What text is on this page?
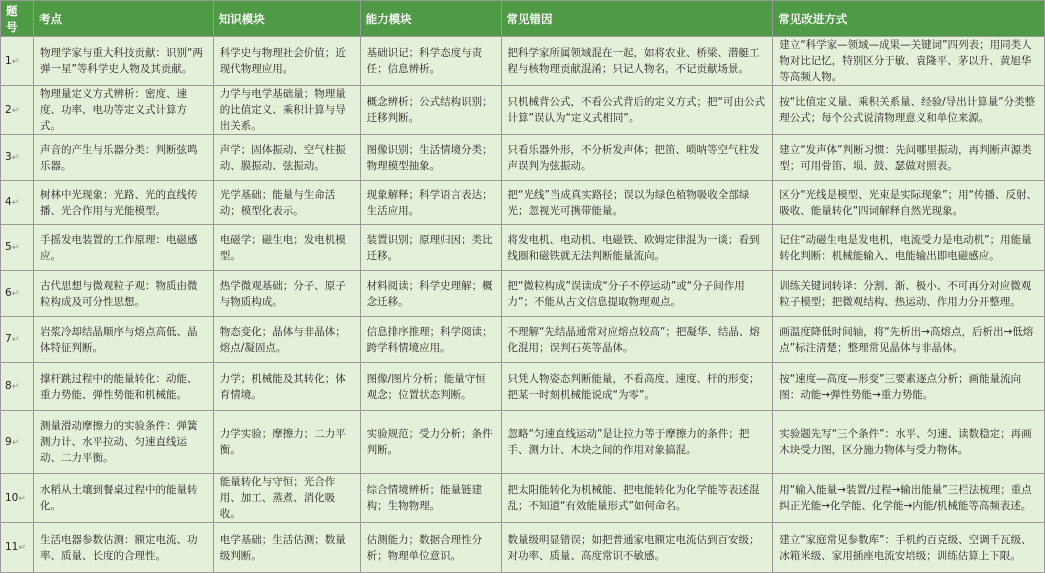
题号	考点	知识模块	能力模块	常见错因	常见改进方式
1↵	物理学家与重大科技贡献：识别“两弹一星”等科学史人物及其贡献。	科学史与物理社会价值；近现代物理应用。	基础识记；科学态度与责任；信息辨析。	把科学家所属领域混在一起，如将农业、桥梁、潜艇工程与核物理贡献混淆；只记人物名，不记贡献场景。	建立“科学家—领域—成果—关键词”四列表；用同类人物对比记忆，特别区分于敏、袁隆平、茅以升、黄旭华等高频人物。
2↵	物理量定义方式辨析：密度、速度、功率、电功等定义式计算方式。	力学与电学基础量；物理量的比值定义、乘积计算与导出关系。	概念辨析；公式结构识别；迁移判断。	只机械背公式，不看公式背后的定义方式；把“可由公式计算”误认为“定义式相同”。	按“比值定义量、乘积关系量、经验/导出计算量”分类整理公式；每个公式说清物理意义和单位来源。
3↵	声音的产生与乐器分类：判断弦鸣乐器。	声学；固体振动、空气柱振动、膜振动、弦振动。	图像识别；生活情境分类；物理模型抽象。	只看乐器外形，不分析发声体；把笛、唢呐等空气柱发声误判为弦振动。	建立“发声体”判断习惯：先问哪里振动，再判断声源类型；可用骨笛、埙、鼓、瑟做对照表。
4↵	树林中光现象：光路、光的直线传播、光合作用与光能模型。	光学基础；能量与生命活动；模型化表示。	现象解释；科学语言表达；生活应用。	把“光线”当成真实路径；误以为绿色植物吸收全部绿光；忽视光可携带能量。	区分“光线是模型、光束是实际现象”；用“传播、反射、吸收、能量转化”四词解释自然光现象。
5↵	手摇发电装置的工作原理：电磁感应。	电磁学；磁生电；发电机模型。	装置识别；原理归因；类比迁移。	将发电机、电动机、电磁铁、欧姆定律混为一谈；看到线圈和磁铁就无法判断能量流向。	记住“动磁生电是发电机，电流受力是电动机”；用能量转化判断：机械能输入、电能输出即电磁感应。
6↵	古代思想与微观粒子观：物质由微粒构成及可分性思想。	热学微观基础；分子、原子与物质构成。	材料阅读；科学史理解；概念迁移。	把“微粒构成”误读成“分子不停运动”或“分子间作用力”；不能从古文信息提取物理观点。	训练关键词转译：分割、渐、极小、不可再分对应微观粒子模型；把微观结构、热运动、作用力分开整理。
7↵	岩浆冷却结晶顺序与熔点高低、晶体特征判断。	物态变化；晶体与非晶体；熔点/凝固点。	信息排序推理；科学阅读；跨学科情境应用。	不理解“先结晶通常对应熔点较高”；把凝华、结晶、熔化混用；误判石英等晶体。	画温度降低时间轴，将“先析出→高熔点，后析出→低熔点”标注清楚；整理常见晶体与非晶体。
8↵	撑杆跳过程中的能量转化：动能、重力势能、弹性势能和机械能。	力学；机械能及其转化；体育情境。	图像/图片分析；能量守恒观念；位置状态判断。	只凭人物姿态判断能量，不看高度、速度、杆的形变；把某一时刻机械能说成“为零”。	按“速度—高度—形变”三要素逐点分析；画能量流向图：动能→弹性势能→重力势能。
9↵	测量滑动摩擦力的实验条件：弹簧测力计、水平拉动、匀速直线运动、二力平衡。	力学实验；摩擦力；二力平衡。	实验规范；受力分析；条件判断。	忽略“匀速直线运动”是让拉力等于摩擦力的条件；把手、测力计、木块之间的作用对象搞混。	实验题先写“三个条件”：水平、匀速、读数稳定；再画木块受力图，区分施力物体与受力物体。
10↵	水稻从土壤到餐桌过程中的能量转化。	能量转化与守恒；光合作用、加工、蒸煮、消化吸收。	综合情境辨析；能量链建构；生物物理。	把太阳能转化为机械能、把电能转化为化学能等表述混乱；不知道“有效能量形式”如何命名。	用“输入能量→装置/过程→输出能量”三栏法梳理；重点纠正光能→化学能、化学能→内能/机械能等高频表述。
11↵	生活电器参数估测：额定电流、功率、质量、长度的合理性。	电学基础；生活估测；数量级判断。	估测能力；数据合理性分析；物理单位意识。	数量级明显错误；如把普通家电额定电流估到百安级；对功率、质量、高度常识不敏感。	建立“家庭常见参数库”：手机约百克级、空调千瓦级、冰箱米级、家用插座电流安培级；训练估算上下限。
